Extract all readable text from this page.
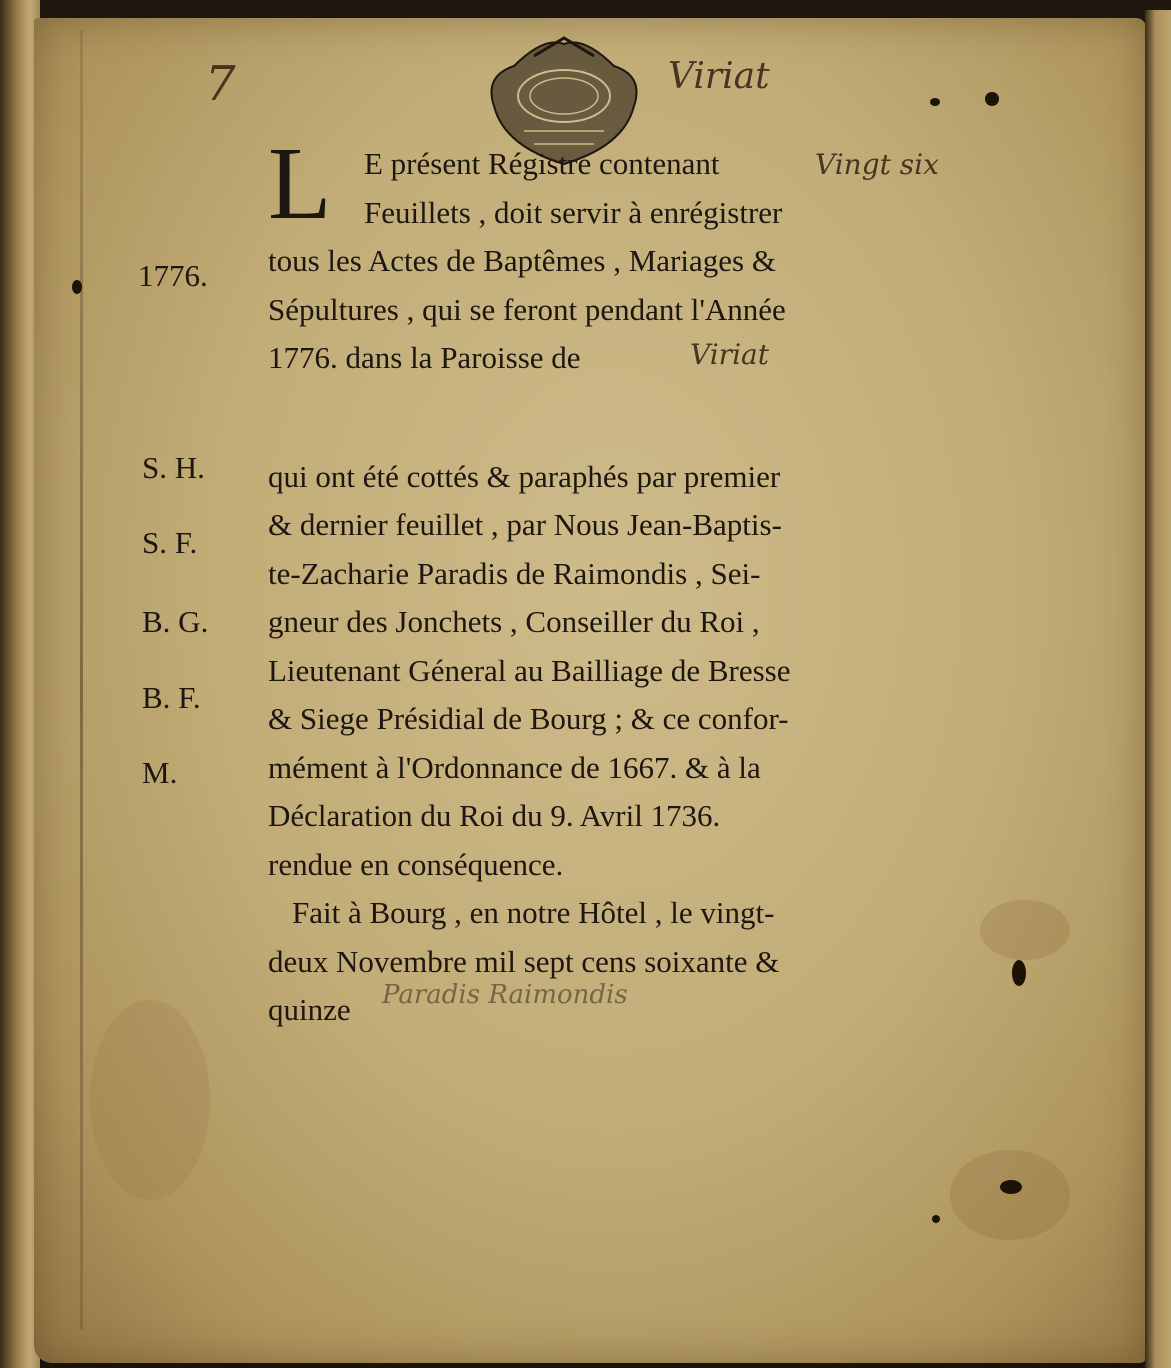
7	Viriat
Vingt six
Viriat
Paradis Raimondis
1776.
S. H.
S. F.
B. G.
B. F.
M.
L	E présent Régistre contenant
Feuillets , doit servir à enrégistrer
tous les Actes de Baptêmes , Mariages &
Sépultures , qui se feront pendant l'Année
1776. dans la Paroisse de
qui ont été cottés & paraphés par premier
& dernier feuillet , par Nous Jean-Baptis-
te-Zacharie Paradis de Raimondis , Sei-
gneur des Jonchets , Conseiller du Roi ,
Lieutenant Géneral au Bailliage de Bresse
& Siege Présidial de Bourg ; & ce confor-
mément à l'Ordonnance de 1667. & à la
Déclaration du Roi du 9. Avril 1736.
rendue en conséquence.
Fait à Bourg , en notre Hôtel , le vingt-
deux Novembre mil sept cens soixante &
quinze
